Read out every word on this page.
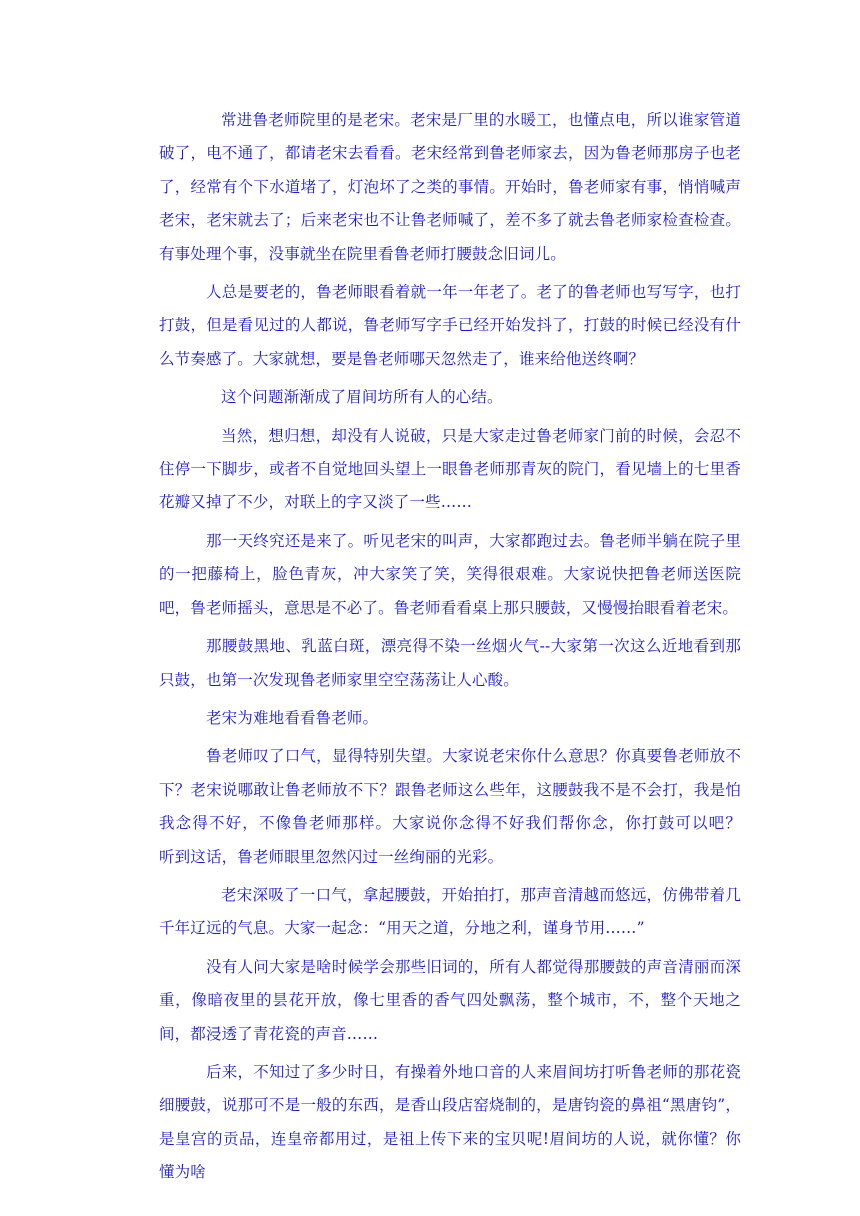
常进鲁老师院里的是老宋。老宋是厂里的水暖工，也懂点电，所以谁家管道破了，电不通了，都请老宋去看看。老宋经常到鲁老师家去，因为鲁老师那房子也老了，经常有个下水道堵了，灯泡坏了之类的事情。开始时，鲁老师家有事，悄悄喊声老宋，老宋就去了；后来老宋也不让鲁老师喊了，差不多了就去鲁老师家检查检查。有事处理个事，没事就坐在院里看鲁老师打腰鼓念旧词儿。

人总是要老的，鲁老师眼看着就一年一年老了。老了的鲁老师也写写字，也打打鼓，但是看见过的人都说，鲁老师写字手已经开始发抖了，打鼓的时候已经没有什么节奏感了。大家就想，要是鲁老师哪天忽然走了，谁来给他送终啊？

这个问题渐渐成了眉间坊所有人的心结。

当然，想归想，却没有人说破，只是大家走过鲁老师家门前的时候，会忍不住停一下脚步，或者不自觉地回头望上一眼鲁老师那青灰的院门，看见墙上的七里香花瓣又掉了不少，对联上的字又淡了一些……

那一天终究还是来了。听见老宋的叫声，大家都跑过去。鲁老师半躺在院子里的一把藤椅上，脸色青灰，冲大家笑了笑，笑得很艰难。大家说快把鲁老师送医院吧，鲁老师摇头，意思是不必了。鲁老师看看桌上那只腰鼓，又慢慢抬眼看着老宋。

那腰鼓黑地、乳蓝白斑，漂亮得不染一丝烟火气--大家第一次这么近地看到那只鼓，也第一次发现鲁老师家里空空荡荡让人心酸。

老宋为难地看看鲁老师。

鲁老师叹了口气，显得特别失望。大家说老宋你什么意思？你真要鲁老师放不下？老宋说哪敢让鲁老师放不下？跟鲁老师这么些年，这腰鼓我不是不会打，我是怕我念得不好，不像鲁老师那样。大家说你念得不好我们帮你念，你打鼓可以吧？　　　　听到这话，鲁老师眼里忽然闪过一丝绚丽的光彩。

老宋深吸了一口气，拿起腰鼓，开始拍打，那声音清越而悠远，仿佛带着几千年辽远的气息。大家一起念：“用天之道，分地之利，谨身节用……”

没有人问大家是啥时候学会那些旧词的，所有人都觉得那腰鼓的声音清丽而深重，像暗夜里的昙花开放，像七里香的香气四处飘荡，整个城市，不，整个天地之间，都浸透了青花瓷的声音……

后来，不知过了多少时日，有操着外地口音的人来眉间坊打听鲁老师的那花瓷细腰鼓，说那可不是一般的东西，是香山段店窑烧制的，是唐钧瓷的鼻祖“黑唐钧”，是皇宫的贡品，连皇帝都用过，是祖上传下来的宝贝呢!眉间坊的人说，就你懂？你懂为啥
